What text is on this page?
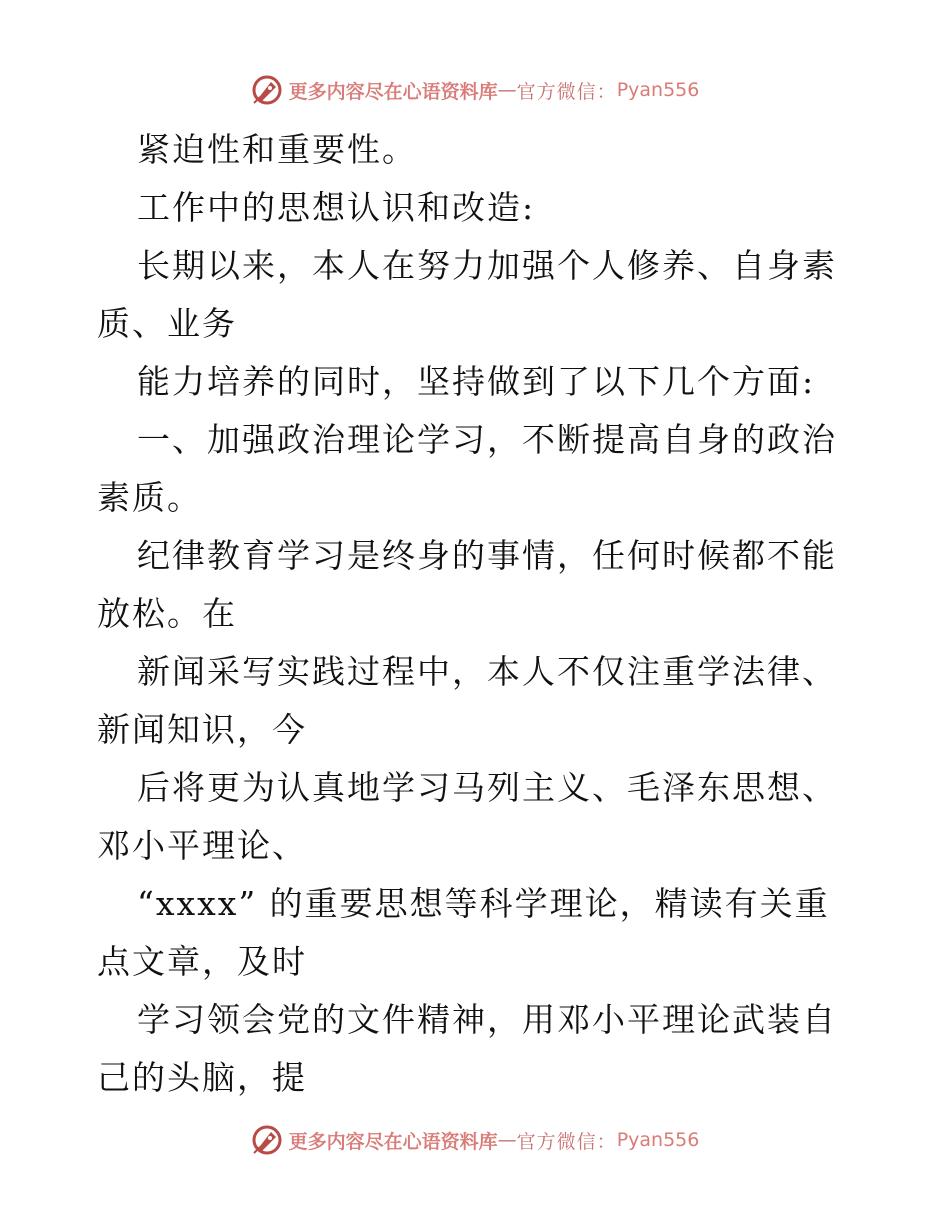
更多内容尽在心语资料库 — 官方微信： Pyan556
紧迫性和重要性。
工作中的思想认识和改造:
长期以来，本人在努力加强个人修养、自身素质、业务
能力培养的同时，坚持做到了以下几个方面:
一、加强政治理论学习，不断提高自身的政治素质。
纪律教育学习是终身的事情，任何时候都不能放松。在
新闻采写实践过程中，本人不仅注重学法律、新闻知识，今
后将更为认真地学习马列主义、毛泽东思想、邓小平理论、
“xxxx” 的重要思想等科学理论，精读有关重点文章，及时
学习领会党的文件精神，用邓小平理论武装自己的头脑，提
更多内容尽在心语资料库 — 官方微信： Pyan556
